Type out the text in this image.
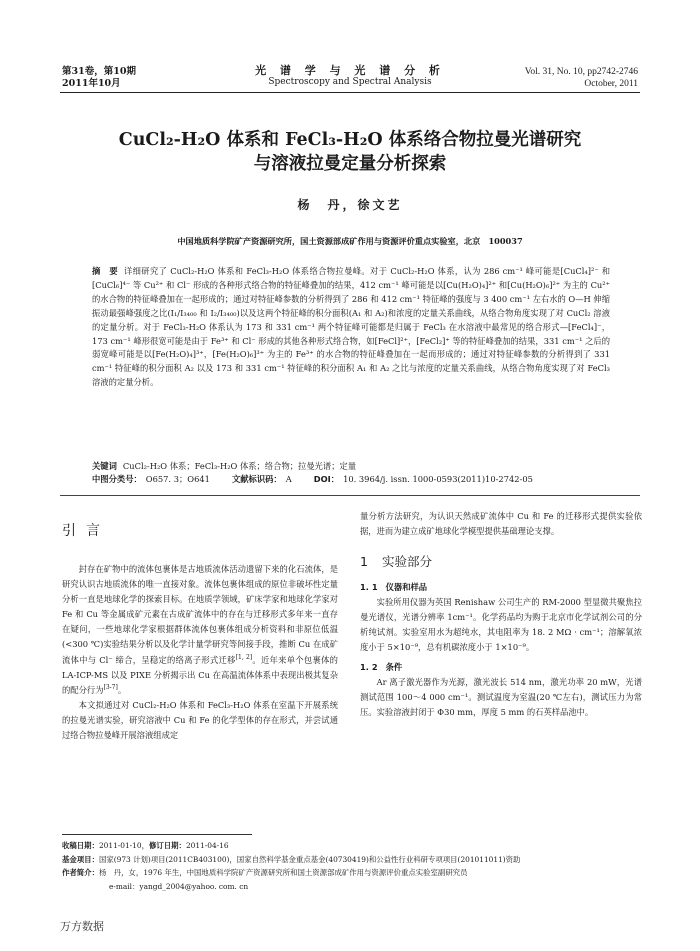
第31卷，第10期
2011年10月
光 谱 学 与 光 谱 分 析
Spectroscopy and Spectral Analysis
Vol. 31, No. 10, pp2742-2746
October, 2011
CuCl₂-H₂O 体系和 FeCl₃-H₂O 体系络合物拉曼光谱研究
与溶液拉曼定量分析探索
杨　丹，徐文艺
中国地质科学院矿产资源研究所，国土资源部成矿作用与资源评价重点实验室，北京　100037
摘　要 详细研究了 CuCl₂-H₂O 体系和 FeCl₃-H₂O 体系络合物拉曼峰。对于 CuCl₂-H₂O 体系，认为 286 cm⁻¹ 峰可能是[CuCl₄]²⁻ 和[CuCl₆]⁴⁻ 等 Cu²⁺ 和 Cl⁻ 形成的各种形式络合物的特征峰叠加的结果，412 cm⁻¹ 峰可能是以[Cu(H₂O)₄]²⁺ 和[Cu(H₂O)₆]²⁺ 为主的 Cu²⁺ 的水合物的特征峰叠加在一起形成的；通过对特征峰参数的分析得到了 286 和 412 cm⁻¹ 特征峰的强度与 3 400 cm⁻¹ 左右水的 O—H 伸缩振动最强峰强度之比(I₁/I₃₄₀₀ 和 I₂/I₃₄₀₀)以及这两个特征峰的积分面积(A₁ 和 A₂)和浓度的定量关系曲线，从络合物角度实现了对 CuCl₂ 溶液的定量分析。对于 FeCl₃-H₂O 体系认为 173 和 331 cm⁻¹ 两个特征峰可能都是归属于 FeCl₃ 在水溶液中最常见的络合形式—[FeCl₄]⁻，173 cm⁻¹ 峰形很宽可能是由于 Fe³⁺ 和 Cl⁻ 形成的其他各种形式络合物，如[FeCl]²⁺，[FeCl₂]⁺ 等的特征峰叠加的结果，331 cm⁻¹ 之后的弱宽峰可能是以[Fe(H₂O)₄]³⁺，[Fe(H₂O)₆]³⁺ 为主的 Fe³⁺ 的水合物的特征峰叠加在一起而形成的；通过对特征峰参数的分析得到了 331 cm⁻¹ 特征峰的积分面积 A₂ 以及 173 和 331 cm⁻¹ 特征峰的积分面积 A₁ 和 A₂ 之比与浓度的定量关系曲线，从络合物角度实现了对 FeCl₃ 溶液的定量分析。
关键词 CuCl₂-H₂O 体系；FeCl₃-H₂O 体系；络合物；拉曼光谱；定量
中图分类号： O657. 3；O641	文献标识码： A	DOI： 10. 3964/j. issn. 1000-0593(2011)10-2742-05
引言

封存在矿物中的流体包裹体是古地质流体活动遗留下来的化石流体，是研究认识古地质流体的唯一直接对象。流体包裹体组成的原位非破坏性定量分析一直是地球化学的探索目标。在地质学领域，矿床学家和地球化学家对 Fe 和 Cu 等金属成矿元素在古成矿流体中的存在与迁移形式多年来一直存在疑问，一些地球化学家根据群体流体包裹体组成分析资料和非原位低温(<300 ℃)实验结果分析以及化学计量学研究等间接手段，推断 Cu 在成矿流体中与 Cl⁻ 缔合，呈稳定的络离子形式迁移[1, 2]。近年来单个包裹体的 LA-ICP-MS 以及 PIXE 分析揭示出 Cu 在高温流体体系中表现出极其复杂的配分行为[3-7]。

本文拟通过对 CuCl₂-H₂O 体系和 FeCl₃-H₂O 体系在室温下开展系统的拉曼光谱实验，研究溶液中 Cu 和 Fe 的化学型体的存在形式，并尝试通过络合物拉曼峰开展溶液组成定

量分析方法研究，为认识天然成矿流体中 Cu 和 Fe 的迁移形式提供实验依据，进而为建立成矿地球化学模型提供基础理论支撑。

1 实验部分
1. 1 仪器和样品

实验所用仪器为英国 Renishaw 公司生产的 RM-2000 型显微共聚焦拉曼光谱仪，光谱分辨率 1cm⁻¹。化学药品均为购于北京市化学试剂公司的分析纯试剂。实验室用水为超纯水，其电阻率为 18. 2 MΩ · cm⁻¹；溶解氧浓度小于 5×10⁻⁹，总有机碳浓度小于 1×10⁻⁹。

1. 2 条件

Ar 离子激光器作为光源，激光波长 514 nm，激光功率 20 mW，光谱测试范围 100～4 000 cm⁻¹。测试温度为室温(20 ℃左右)，测试压力为常压。实验溶液封闭于 Φ30 mm，厚度 5 mm 的石英样品池中。

收稿日期：2011-01-10，修订日期：2011-04-16
基金项目：国家(973 计划)项目(2011CB403100)，国家自然科学基金重点基金(40730419)和公益性行业科研专项项目(201011011)资助
作者简介：杨　丹，女，1976 年生，中国地质科学院矿产资源研究所和国土资源部成矿作用与资源评价重点实验室副研究员
e-mail：yangd_2004@yahoo. com. cn
万方数据
